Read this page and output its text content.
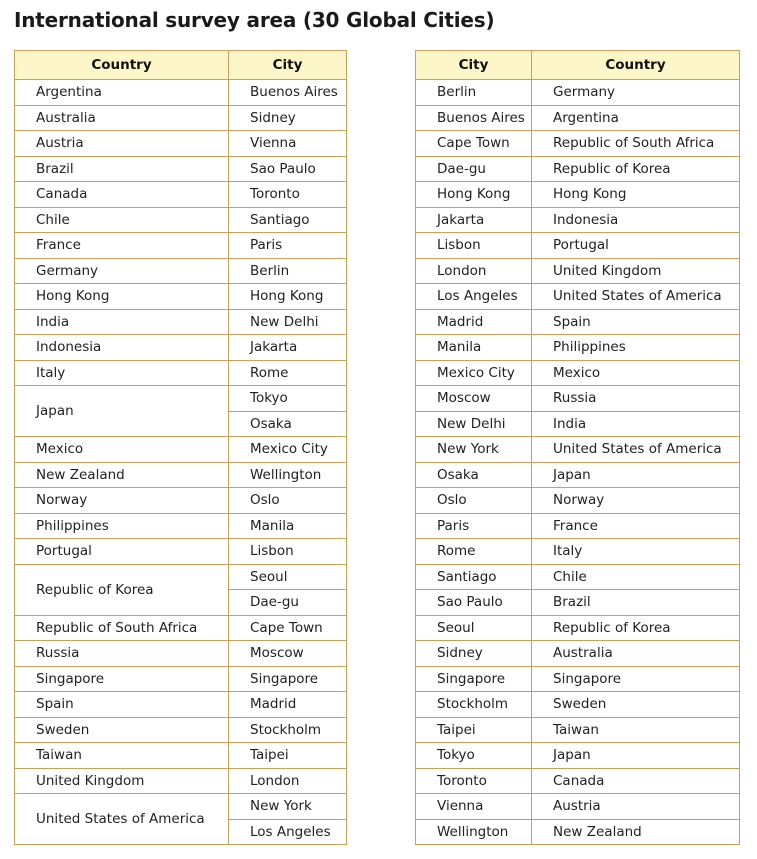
International survey area (30 Global Cities)
Country	City
Argentina	Buenos Aires
Australia	Sidney
Austria	Vienna
Brazil	Sao Paulo
Canada	Toronto
Chile	Santiago
France	Paris
Germany	Berlin
Hong Kong	Hong Kong
India	New Delhi
Indonesia	Jakarta
Italy	Rome
Japan	Tokyo
	Osaka
Mexico	Mexico City
New Zealand	Wellington
Norway	Oslo
Philippines	Manila
Portugal	Lisbon
Republic of Korea	Seoul
	Dae-gu
Republic of South Africa	Cape Town
Russia	Moscow
Singapore	Singapore
Spain	Madrid
Sweden	Stockholm
Taiwan	Taipei
United Kingdom	London
United States of America	New York
	Los Angeles
City	Country
Berlin	Germany
Buenos Aires	Argentina
Cape Town	Republic of South Africa
Dae-gu	Republic of Korea
Hong Kong	Hong Kong
Jakarta	Indonesia
Lisbon	Portugal
London	United Kingdom
Los Angeles	United States of America
Madrid	Spain
Manila	Philippines
Mexico City	Mexico
Moscow	Russia
New Delhi	India
New York	United States of America
Osaka	Japan
Oslo	Norway
Paris	France
Rome	Italy
Santiago	Chile
Sao Paulo	Brazil
Seoul	Republic of Korea
Sidney	Australia
Singapore	Singapore
Stockholm	Sweden
Taipei	Taiwan
Tokyo	Japan
Toronto	Canada
Vienna	Austria
Wellington	New Zealand
